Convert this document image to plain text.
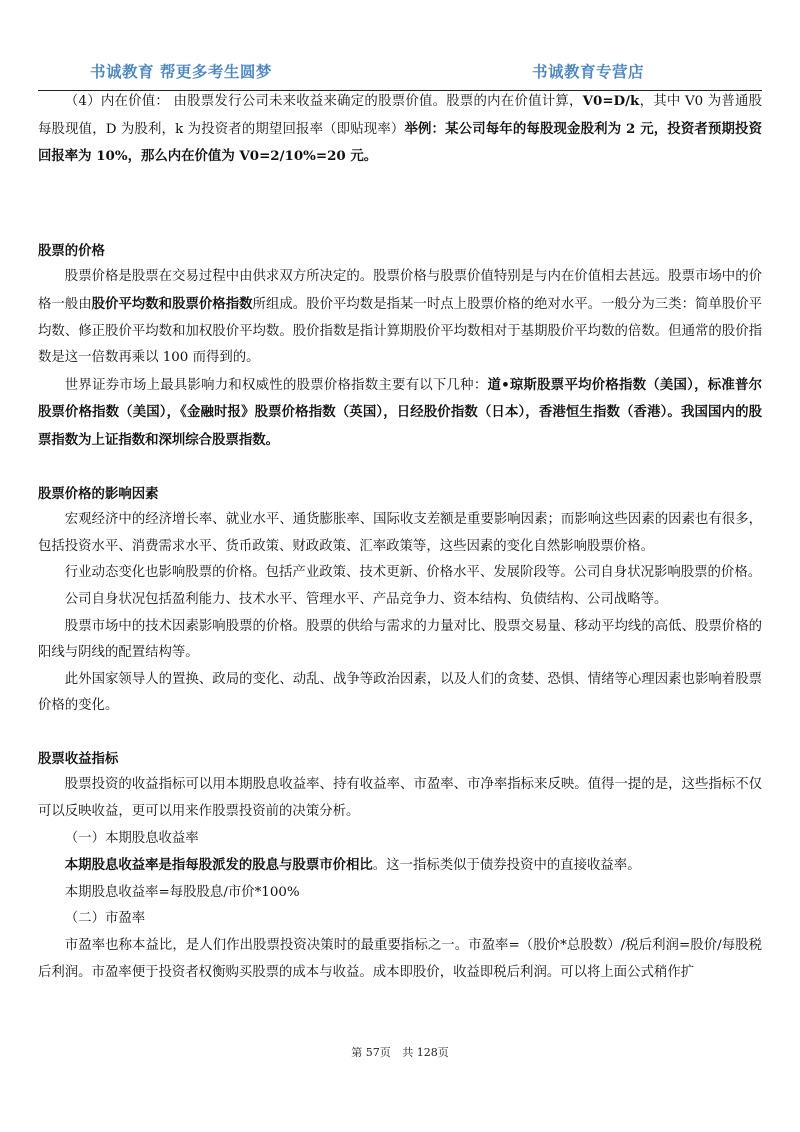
书诚教育 帮更多考生圆梦	书诚教育专营店

（4）内在价值： 由股票发行公司未来收益来确定的股票价值。股票的内在价值计算，V0=D/k，其中 V0 为普通股每股现值，D 为股利，k 为投资者的期望回报率（即贴现率）举例：某公司每年的每股现金股利为 2 元，投资者预期投资回报率为 10%，那么内在价值为 V0=2/10%=20 元。

股票的价格

股票价格是股票在交易过程中由供求双方所决定的。股票价格与股票价值特别是与内在价值相去甚远。股票市场中的价格一般由股价平均数和股票价格指数所组成。股价平均数是指某一时点上股票价格的绝对水平。一般分为三类：简单股价平均数、修正股价平均数和加权股价平均数。股价指数是指计算期股价平均数相对于基期股价平均数的倍数。但通常的股价指数是这一倍数再乘以 100 而得到的。

世界证券市场上最具影响力和权威性的股票价格指数主要有以下几种：道•琼斯股票平均价格指数（美国），标准普尔股票价格指数（美国），《金融时报》股票价格指数（英国），日经股价指数（日本），香港恒生指数（香港）。我国国内的股票指数为上证指数和深圳综合股票指数。

股票价格的影响因素

宏观经济中的经济增长率、就业水平、通货膨胀率、国际收支差额是重要影响因素；而影响这些因素的因素也有很多，包括投资水平、消费需求水平、货币政策、财政政策、汇率政策等，这些因素的变化自然影响股票价格。

行业动态变化也影响股票的价格。包括产业政策、技术更新、价格水平、发展阶段等。公司自身状况影响股票的价格。

公司自身状况包括盈利能力、技术水平、管理水平、产品竞争力、资本结构、负债结构、公司战略等。

股票市场中的技术因素影响股票的价格。股票的供给与需求的力量对比、股票交易量、移动平均线的高低、股票价格的阳线与阴线的配置结构等。

此外国家领导人的置换、政局的变化、动乱、战争等政治因素，以及人们的贪婪、恐惧、情绪等心理因素也影响着股票价格的变化。

股票收益指标

股票投资的收益指标可以用本期股息收益率、持有收益率、市盈率、市净率指标来反映。值得一提的是，这些指标不仅可以反映收益，更可以用来作股票投资前的决策分析。

（一）本期股息收益率

本期股息收益率是指每股派发的股息与股票市价相比。这一指标类似于债券投资中的直接收益率。

本期股息收益率=每股股息/市价*100%

（二）市盈率

市盈率也称本益比，是人们作出股票投资决策时的最重要指标之一。市盈率=（股价*总股数）/税后利润=股价/每股税后利润。市盈率便于投资者权衡购买股票的成本与收益。成本即股价，收益即税后利润。可以将上面公式稍作扩

第 57页 共 128页
